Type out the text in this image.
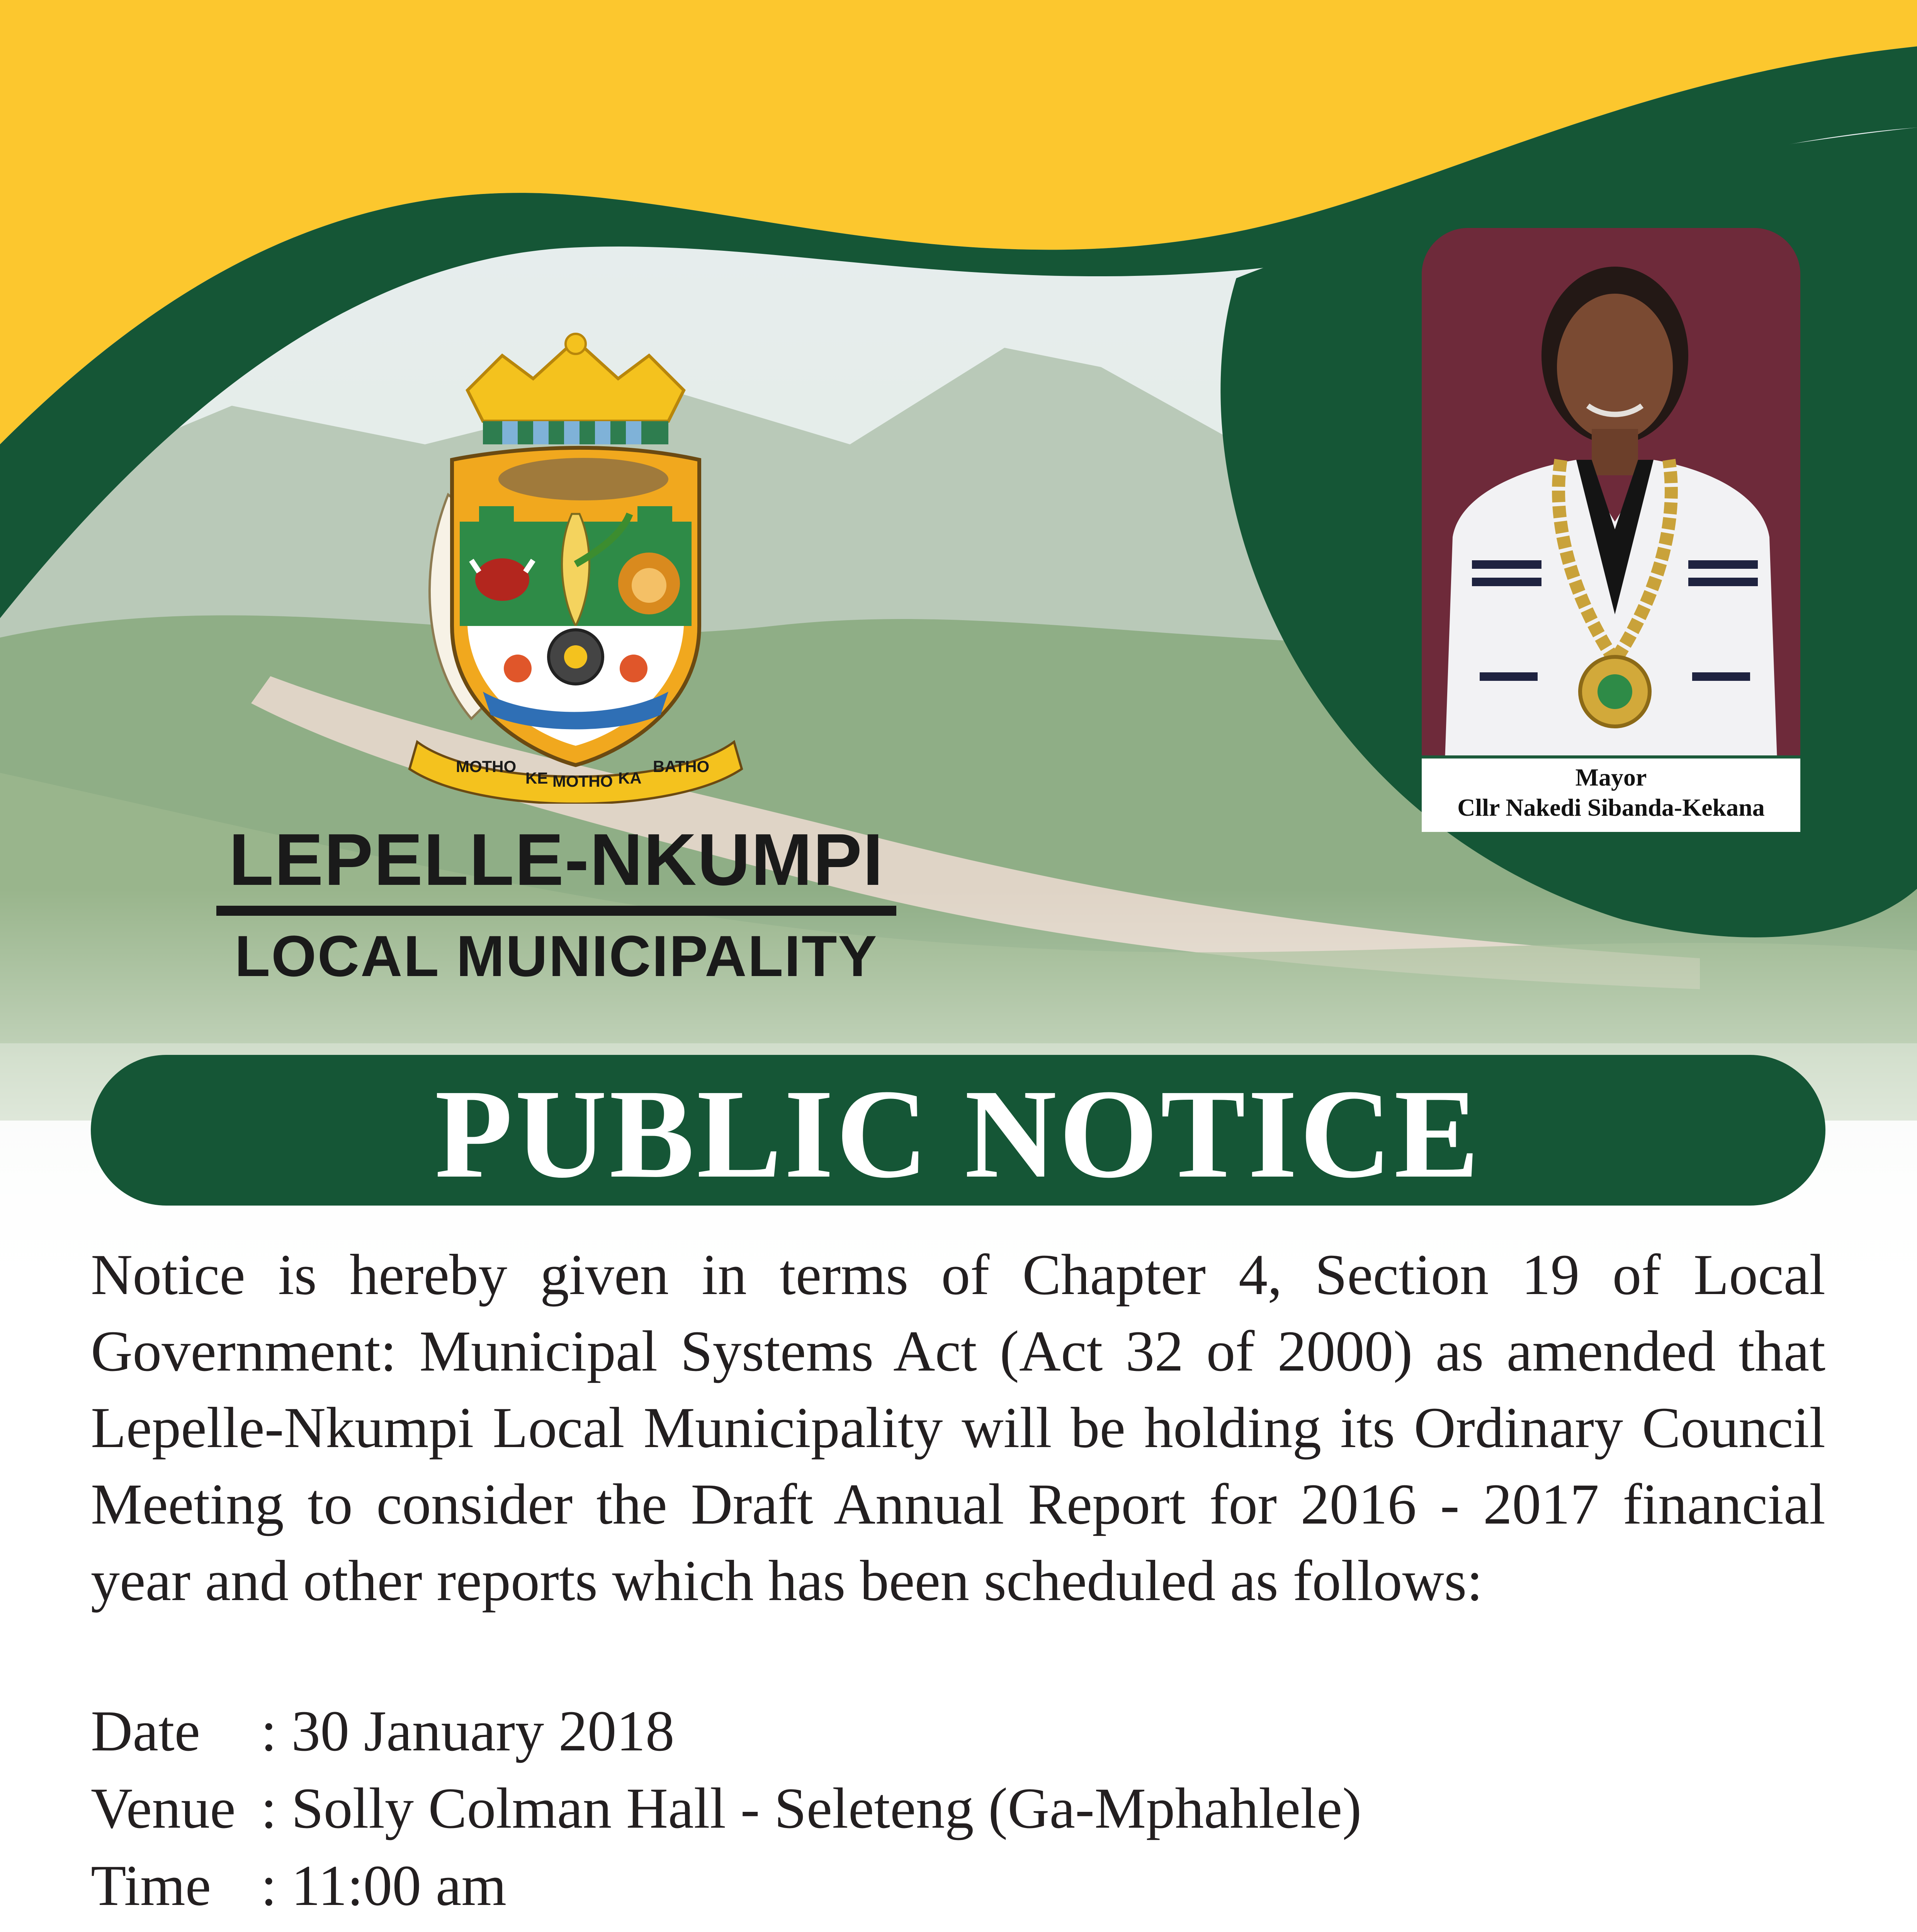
MOTHO
KE MOTHO KA
BATHO
LEPELLE-NKUMPI
LOCAL MUNICIPALITY
Mayor
Cllr Nakedi Sibanda-Kekana
PUBLIC NOTICE
Notice is hereby given in terms of Chapter 4, Section 19 of Local Government: Municipal Systems Act (Act 32 of 2000) as amended that Lepelle-Nkumpi Local Municipality will be holding its Ordinary Council Meeting to consider the Draft Annual Report for 2016 - 2017 financial year and other reports which has been scheduled as follows:
Date	: 30 January 2018
Venue : Solly Colman Hall - Seleteng (Ga-Mphahlele)
Time : 11:00 am
